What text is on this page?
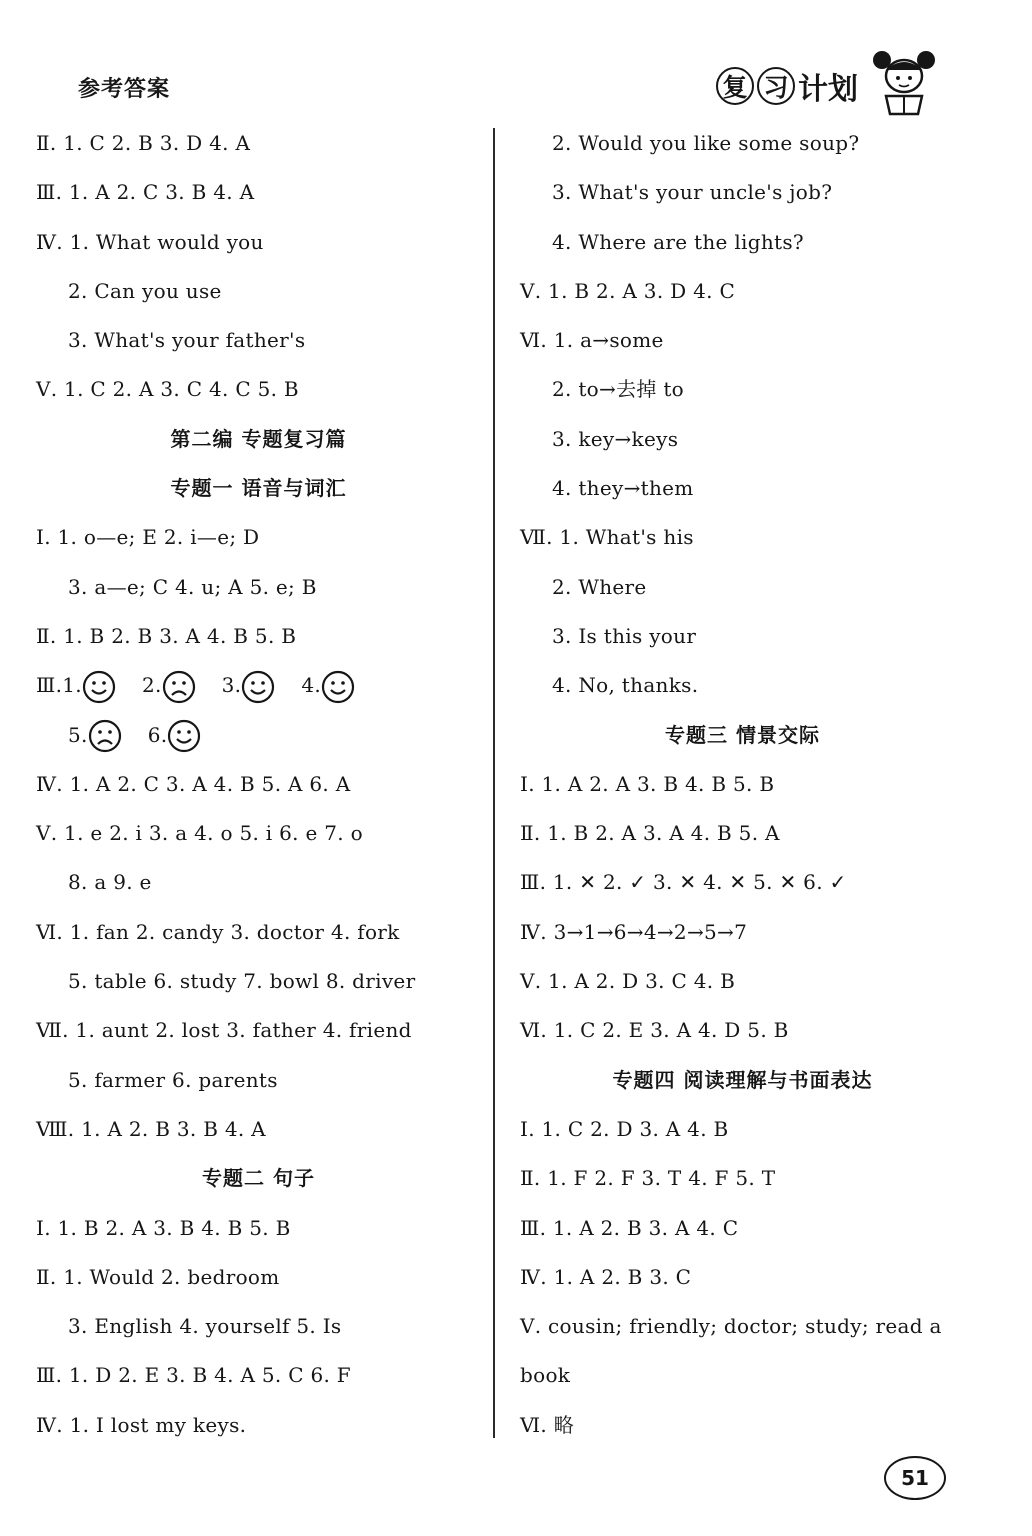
参考答案	复 习 计划
Ⅱ. 1. C 2. B 3. D 4. A
Ⅲ. 1. A 2. C 3. B 4. A
Ⅳ. 1. What would you
2. Can you use
3. What's your father's
Ⅴ. 1. C 2. A 3. C 4. C 5. B
第二编 专题复习篇
专题一 语音与词汇
Ⅰ. 1. o—e; E 2. i—e; D
3. a—e; C 4. u; A 5. e; B
Ⅱ. 1. B 2. B 3. A 4. B 5. B
Ⅲ.1.	2.	3.	4.
5.	6.
Ⅳ. 1. A 2. C 3. A 4. B 5. A 6. A
Ⅴ. 1. e 2. i 3. a 4. o 5. i 6. e 7. o
8. a 9. e
Ⅵ. 1. fan 2. candy 3. doctor 4. fork
5. table 6. study 7. bowl 8. driver
Ⅶ. 1. aunt 2. lost 3. father 4. friend
5. farmer 6. parents
Ⅷ. 1. A 2. B 3. B 4. A
专题二 句子
Ⅰ. 1. B 2. A 3. B 4. B 5. B
Ⅱ. 1. Would 2. bedroom
3. English 4. yourself 5. Is
Ⅲ. 1. D 2. E 3. B 4. A 5. C 6. F
Ⅳ. 1. I lost my keys.
2. Would you like some soup?
3. What's your uncle's job?
4. Where are the lights?
Ⅴ. 1. B 2. A 3. D 4. C
Ⅵ. 1. a→some
2. to→去掉 to
3. key→keys
4. they→them
Ⅶ. 1. What's his
2. Where
3. Is this your
4. No, thanks.
专题三 情景交际
Ⅰ. 1. A 2. A 3. B 4. B 5. B
Ⅱ. 1. B 2. A 3. A 4. B 5. A
Ⅲ. 1. ✕ 2. ✓ 3. ✕ 4. ✕ 5. ✕ 6. ✓
Ⅳ. 3→1→6→4→2→5→7
Ⅴ. 1. A 2. D 3. C 4. B
Ⅵ. 1. C 2. E 3. A 4. D 5. B
专题四 阅读理解与书面表达
Ⅰ. 1. C 2. D 3. A 4. B
Ⅱ. 1. F 2. F 3. T 4. F 5. T
Ⅲ. 1. A 2. B 3. A 4. C
Ⅳ. 1. A 2. B 3. C
Ⅴ. cousin; friendly; doctor; study; read a
book
Ⅵ. 略
51
